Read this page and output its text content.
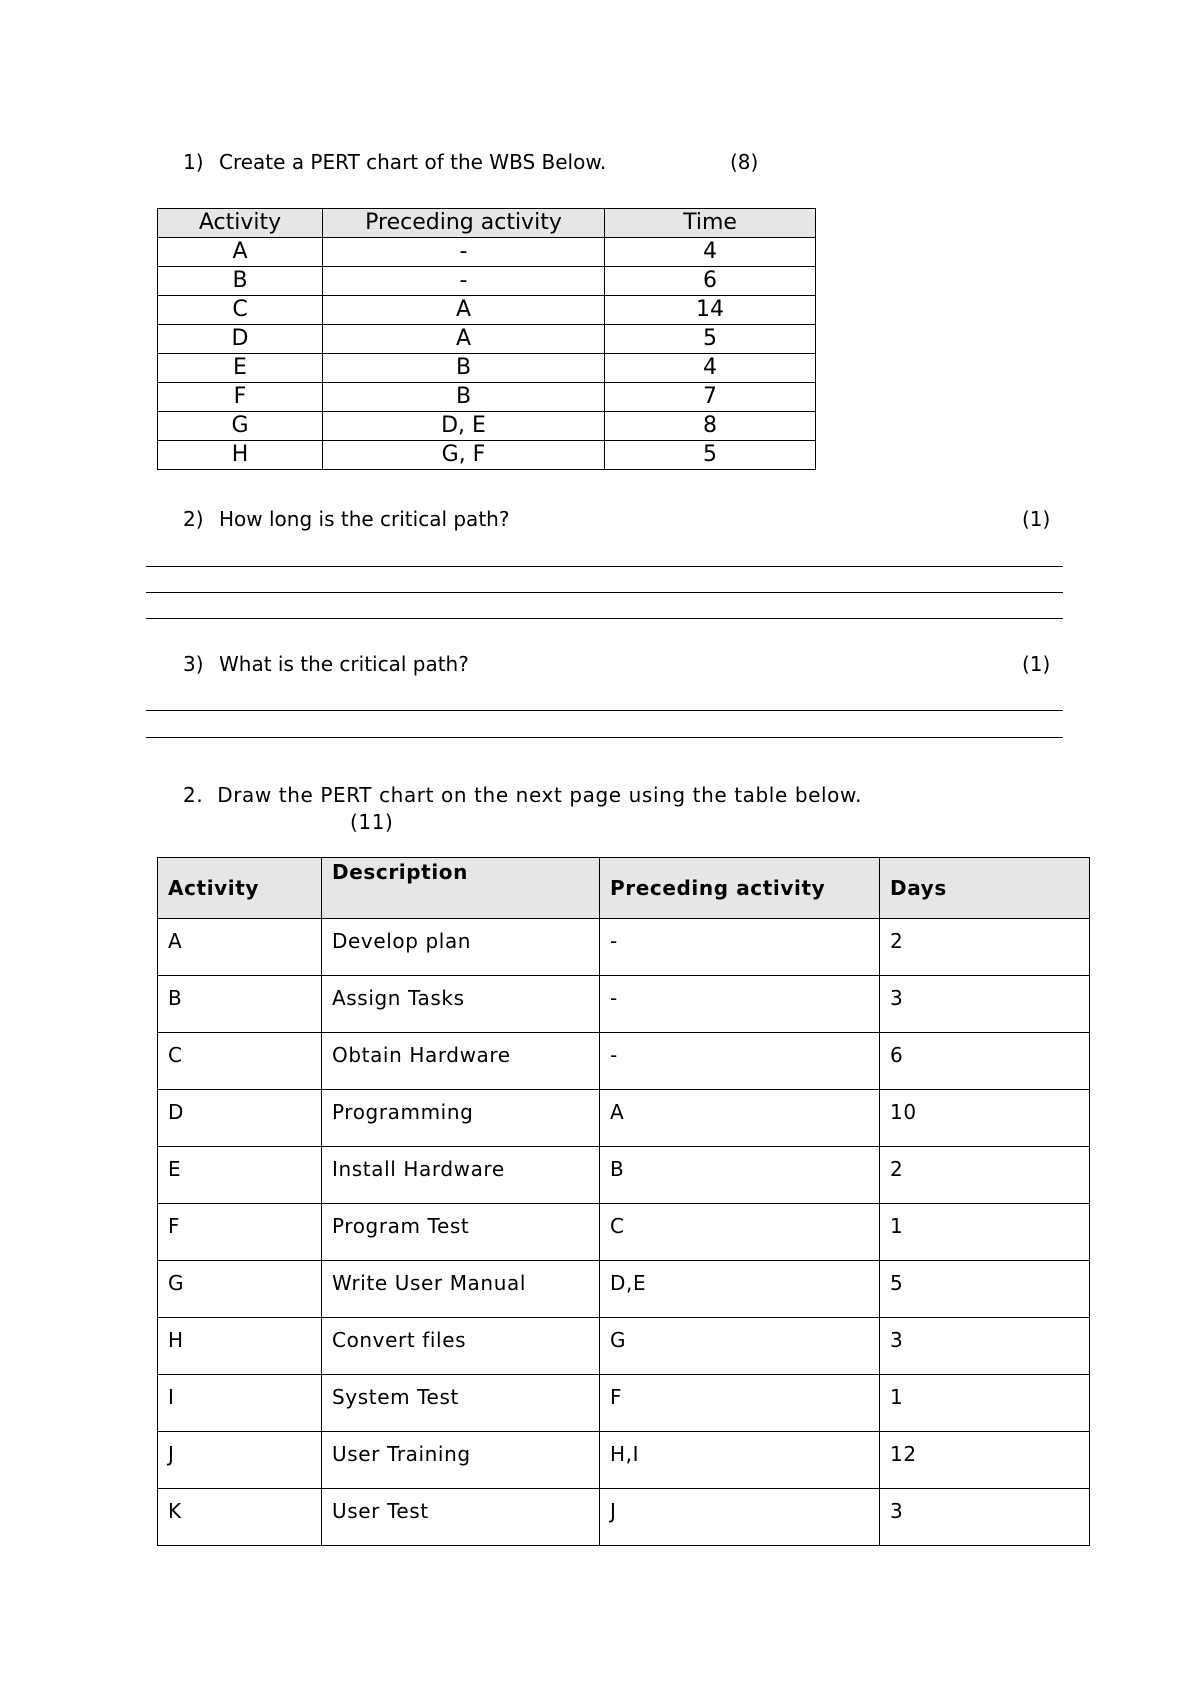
1) Create a PERT chart of the WBS Below.	(8)
Activity	Preceding activity	Time
A	-	4
B	-	6
C	A	14
D	A	5
E	B	4
F	B	7
G	D, E	8
H	G, F	5
2) How long is the critical path?	(1)
3) What is the critical path?	(1)
2.  Draw the PERT chart on the next page using the table below.
(11)
Activity	Description	Preceding activity	Days
A	Develop plan	-	2
B	Assign Tasks	-	3
C	Obtain Hardware	-	6
D	Programming	A	10
E	Install Hardware	B	2
F	Program Test	C	1
G	Write User Manual	D,E	5
H	Convert files	G	3
I	System Test	F	1
J	User Training	H,I	12
K	User Test	J	3
